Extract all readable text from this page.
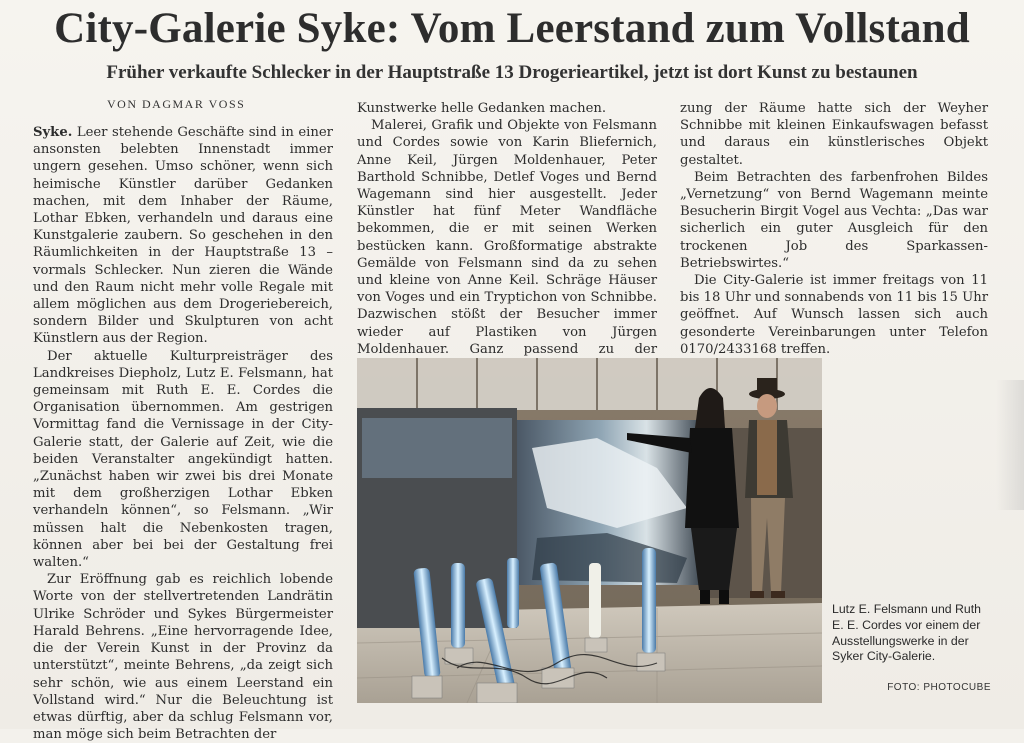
City-Galerie Syke: Vom Leerstand zum Vollstand
Früher verkaufte Schlecker in der Hauptstraße 13 Drogerieartikel, jetzt ist dort Kunst zu bestaunen
VON DAGMAR VOSS

Syke. Leer stehende Geschäfte sind in einer ansonsten belebten Innenstadt immer ungern gesehen. Umso schöner, wenn sich heimische Künstler darüber Gedanken machen, mit dem Inhaber der Räume, Lothar Ebken, verhandeln und daraus eine Kunstgalerie zaubern. So geschehen in den Räumlichkeiten in der Hauptstraße 13 – vormals Schlecker. Nun zieren die Wände und den Raum nicht mehr volle Regale mit allem möglichen aus dem Drogeriebereich, sondern Bilder und Skulpturen von acht Künstlern aus der Region.

Der aktuelle Kulturpreisträger des Landkreises Diepholz, Lutz E. Felsmann, hat gemeinsam mit Ruth E. E. Cordes die Organisation übernommen. Am gestrigen Vormittag fand die Vernissage in der City-Galerie statt, der Galerie auf Zeit, wie die beiden Veranstalter angekündigt hatten. „Zunächst haben wir zwei bis drei Monate mit dem großherzigen Lothar Ebken verhandeln können“, so Felsmann. „Wir müssen halt die Nebenkosten tragen, können aber bei bei der Gestaltung frei walten.“

Zur Eröffnung gab es reichlich lobende Worte von der stellvertretenden Landrätin Ulrike Schröder und Sykes Bürgermeister Harald Behrens. „Eine hervorragende Idee, die der Verein Kunst in der Provinz da unterstützt“, meinte Behrens, „da zeigt sich sehr schön, wie aus einem Leerstand ein Vollstand wird.“ Nur die Beleuchtung ist etwas dürftig, aber da schlug Felsmann vor, man möge sich beim Betrachten der

Kunstwerke helle Gedanken machen.

Malerei, Grafik und Objekte von Felsmann und Cordes sowie von Karin Bliefernich, Anne Keil, Jürgen Moldenhauer, Peter Barthold Schnibbe, Detlef Voges und Bernd Wagemann sind hier ausgestellt. Jeder Künstler hat fünf Meter Wandfläche bekommen, die er mit seinen Werken bestücken kann. Großformatige abstrakte Gemälde von Felsmann sind da zu sehen und kleine von Anne Keil. Schräge Häuser von Voges und ein Tryptichon von Schnibbe. Dazwischen stößt der Besucher immer wieder auf Plastiken von Jürgen Moldenhauer. Ganz passend zu der

zung der Räume hatte sich der Weyher Schnibbe mit kleinen Einkaufswagen befasst und daraus ein künstlerisches Objekt gestaltet.

Beim Betrachten des farbenfrohen Bildes „Vernetzung“ von Bernd Wagemann meinte Besucherin Birgit Vogel aus Vechta: „Das war sicherlich ein guter Ausgleich für den trockenen Job des Sparkassen-Betriebswirtes.“

Die City-Galerie ist immer freitags von 11 bis 18 Uhr und sonnabends von 11 bis 15 Uhr geöffnet. Auf Wunsch lassen sich auch gesonderte Vereinbarungen unter Telefon 0170/2433168 treffen.

Lutz E. Felsmann und Ruth E. E. Cordes vor einem der Ausstellungswerke in der Syker City-Galerie.
FOTO: PHOTOCUBE
